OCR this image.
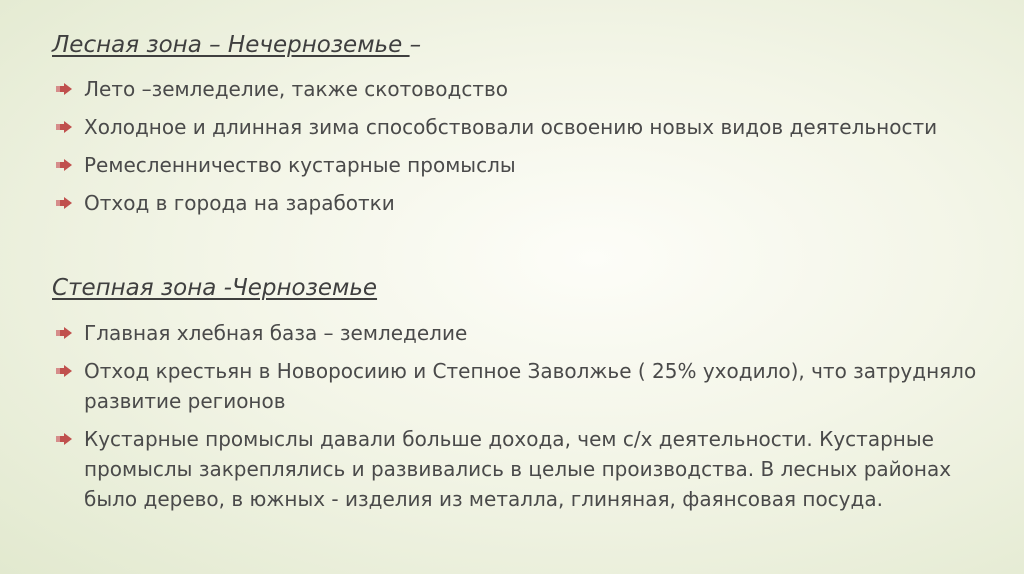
Лесная зона – Нечерноземье –
Лето –земледелие, также скотоводство
Холодное и длинная зима способствовали освоению новых видов деятельности
Ремесленничество кустарные промыслы
Отход в города на заработки
Степная зона -Черноземье
Главная хлебная база – земледелие
Отход крестьян в Новоросиию и Степное Заволжье ( 25% уходило), что затрудняло развитие регионов
Кустарные промыслы давали больше дохода, чем с/х деятельности. Кустарные промыслы закреплялись и развивались в целые производства. В лесных районах было дерево, в южных - изделия из металла, глиняная, фаянсовая посуда.
